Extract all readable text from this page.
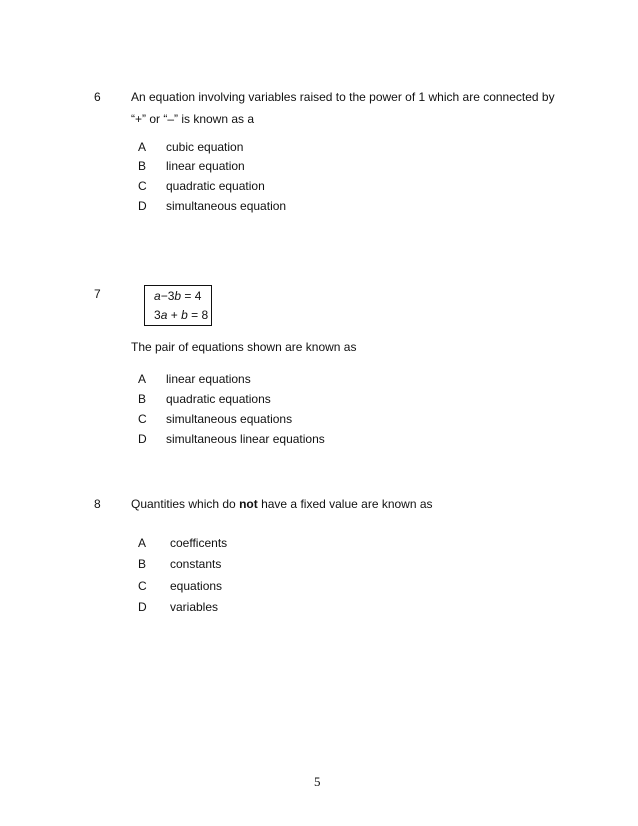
6	An equation involving variables raised to the power of 1 which are connected by
“+” or “–” is known as a
A cubic equation
B linear equation
C quadratic equation
D simultaneous equation
7	a−3b = 4
3a + b = 8
The pair of equations shown are known as
A linear equations
B quadratic equations
C simultaneous equations
D simultaneous linear equations
8	Quantities which do not have a fixed value are known as
A coefficents
B constants
C equations
D variables
5
